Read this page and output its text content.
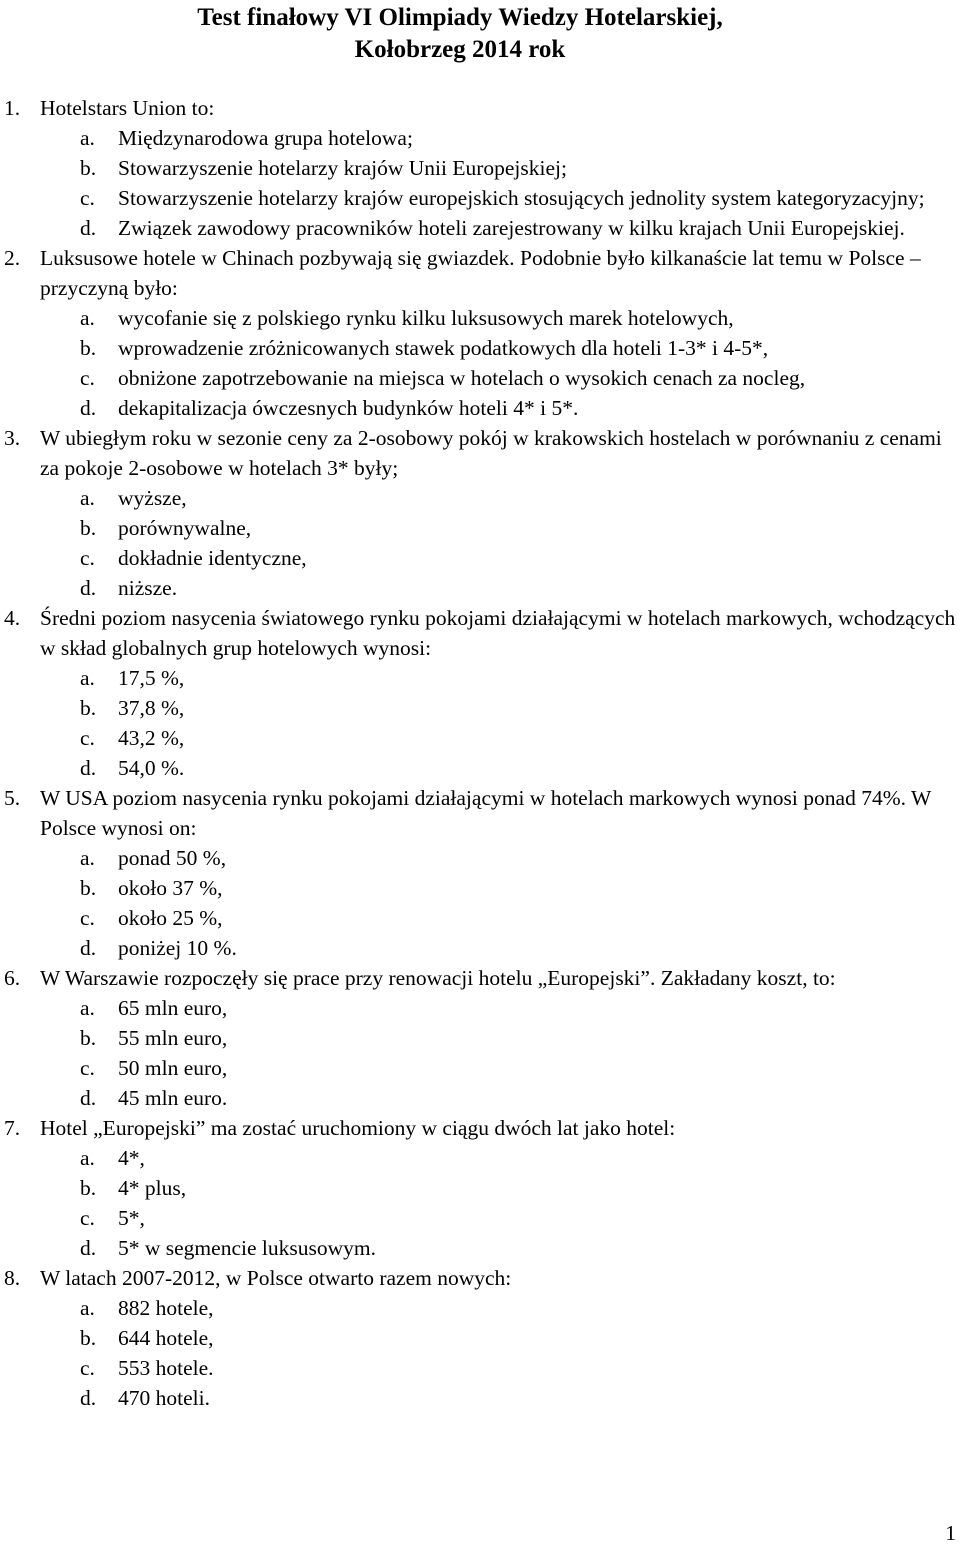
Test finałowy VI Olimpiady Wiedzy Hotelarskiej,
Kołobrzeg 2014 rok
1. Hotelstars Union to:
a.	Międzynarodowa grupa hotelowa;
b.	Stowarzyszenie hotelarzy krajów Unii Europejskiej;
c.	Stowarzyszenie hotelarzy krajów europejskich stosujących jednolity system kategoryzacyjny;
d.	Związek zawodowy pracowników hoteli zarejestrowany w kilku krajach Unii Europejskiej.
2. Luksusowe hotele w Chinach pozbywają się gwiazdek. Podobnie było kilkanaście lat temu w Polsce – przyczyną było:
a.	wycofanie się z polskiego rynku kilku luksusowych marek hotelowych,
b.	wprowadzenie zróżnicowanych stawek podatkowych dla hoteli 1-3* i 4-5*,
c.	obniżone zapotrzebowanie na miejsca w hotelach o wysokich cenach za nocleg,
d.	dekapitalizacja ówczesnych budynków hoteli 4* i 5*.
3. W ubiegłym roku w sezonie ceny za 2-osobowy pokój w krakowskich hostelach w porównaniu z cenami za pokoje 2-osobowe w hotelach 3* były;
a.	wyższe,
b.	porównywalne,
c.	dokładnie identyczne,
d.	niższe.
4. Średni poziom nasycenia światowego rynku pokojami działającymi w hotelach markowych, wchodzących w skład globalnych grup hotelowych wynosi:
a.	17,5 %,
b.	37,8 %,
c.	43,2 %,
d.	54,0 %.
5. W USA poziom nasycenia rynku pokojami działającymi w hotelach markowych wynosi ponad 74%. W Polsce wynosi on:
a.	ponad 50 %,
b.	około 37 %,
c.	około 25 %,
d.	poniżej 10 %.
6. W Warszawie rozpoczęły się prace przy renowacji hotelu „Europejski”. Zakładany koszt, to:
a.	65 mln euro,
b.	55 mln euro,
c.	50 mln euro,
d.	45 mln euro.
7. Hotel „Europejski” ma zostać uruchomiony w ciągu dwóch lat jako hotel:
a.	4*,
b.	4* plus,
c.	5*,
d.	5* w segmencie luksusowym.
8. W latach 2007-2012, w Polsce otwarto razem nowych:
a.	882 hotele,
b.	644 hotele,
c.	553 hotele.
d.	470 hoteli.
1
